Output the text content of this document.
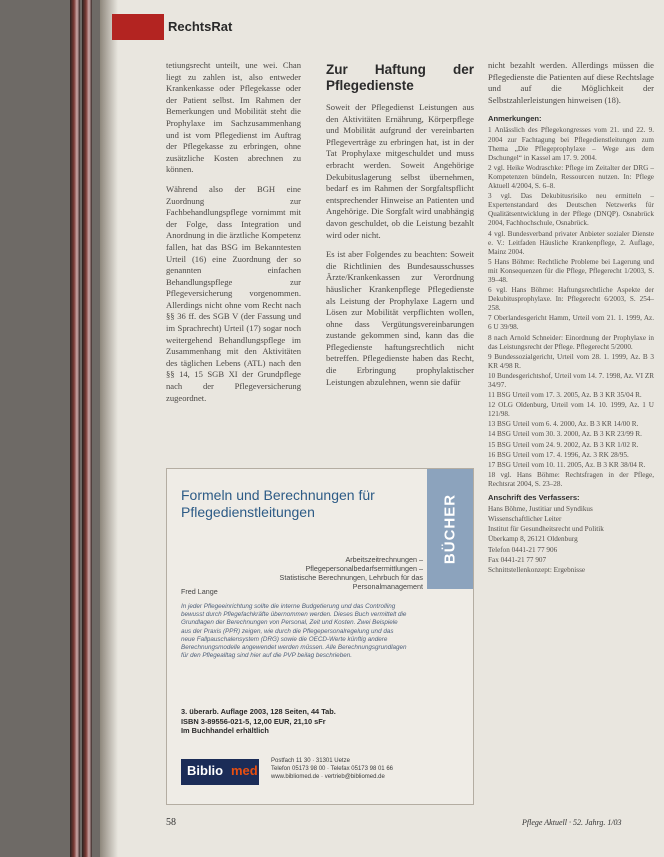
RechtsRat

tetiungsrecht unteilt, une wei. Chan liegt zu zahlen ist, also entweder Krankenkasse oder Pflegekasse oder der Patient selbst. Im Rahmen der Bemerkungen und Mobilität steht die Prophylaxe im Sachzusammenhang und ist vom Pflegedienst im Auftrag der Pflegekasse zu erbringen, ohne zusätzliche Kosten abrechnen zu können.

Während also der BGH eine Zuordnung zur Fachbehandlungspflege vornimmt mit der Folge, dass Integration und Anordnung in die ärztliche Kompetenz fallen, hat das BSG im Bekanntesten Urteil (16) eine Zuordnung der so genannten einfachen Behandlungspflege zur Pflegeversicherung vorgenommen. Allerdings nicht ohne vom Recht nach §§ 36 ff. des SGB V (der Fassung und im Sprachrecht) Urteil (17) sogar noch weitergehend Behandlungspflege im Zusammenhang mit den Aktivitäten des täglichen Lebens (ATL) nach den §§ 14, 15 SGB XI der Grundpflege nach der Pflegeversicherung zugeordnet.

Zur Haftung der Pflegedienste

Soweit der Pflegedienst Leistungen aus den Aktivitäten Ernährung, Körperpflege und Mobilität aufgrund der vereinbarten Pflegeverträge zu erbringen hat, ist in der Tat Prophylaxe mitgeschuldet und muss erbracht werden. Soweit Angehörige Dekubituslagerung selbst übernehmen, bedarf es im Rahmen der Sorgfaltspflicht entsprechender Hinweise an Patienten und Angehörige. Die Sorgfalt wird unabhängig davon geschuldet, ob die Leistung bezahlt wird oder nicht.

Es ist aber Folgendes zu beachten: Soweit die Richtlinien des Bundesausschusses Ärzte/Krankenkassen zur Verordnung häuslicher Krankenpflege Pflegedienste als Leistung der Prophylaxe Lagern und Lösen zur Mobilität verpflichten wollen, ohne dass Vergütungsvereinbarungen zustande gekommen sind, kann das die Pflegedienste haftungsrechtlich nicht betreffen. Pflegedienste haben das Recht, die Erbringung prophylaktischer Leistungen abzulehnen, wenn sie dafür

nicht bezahlt werden. Allerdings müssen die Pflegedienste die Patienten auf diese Rechtslage und auf die Möglichkeit der Selbstzahlerleistungen hinweisen (18).

Anmerkungen:
1 Anlässlich des Pflegekongresses vom 21. und 22. 9. 2004 zur Fachtagung bei Pflegedienstleitungen zum Thema „Die Pflegeprophylaxe – Wege aus dem Dschungel“ in Kassel am 17. 9. 2004.
2 vgl. Heike Wodraschke: Pflege im Zeitalter der DRG – Kompetenzen bündeln, Ressourcen nutzen. In: Pflege Aktuell 4/2004, S. 6–8.
3 vgl. Das Dekubitusrisiko neu ermitteln – Expertenstandard des Deutschen Netzwerks für Qualitätsentwicklung in der Pflege (DNQP). Osnabrück 2004, Fachhochschule, Osnabrück.
4 vgl. Bundesverband privater Anbieter sozialer Dienste e. V.: Leitfaden Häusliche Krankenpflege, 2. Auflage, Mainz 2004.
5 Hans Böhme: Rechtliche Probleme bei Lagerung und mit Konsequenzen für die Pflege, Pflegerecht 1/2003, S. 39–48.
6 vgl. Hans Böhme: Haftungsrechtliche Aspekte der Dekubitusprophylaxe. In: Pflegerecht 6/2003, S. 254–258.
7 Oberlandesgericht Hamm, Urteil vom 21. 1. 1999, Az. 6 U 39/98.
8 nach Arnold Schneider: Einordnung der Prophylaxe in das Leistungsrecht der Pflege. Pflegerecht 5/2000.
9 Bundessozialgericht, Urteil vom 28. 1. 1999, Az. B 3 KR 4/98 R.
10 Bundesgerichtshof, Urteil vom 14. 7. 1998, Az. VI ZR 34/97.
11 BSG Urteil vom 17. 3. 2005, Az. B 3 KR 35/04 R.
12 OLG Oldenburg, Urteil vom 14. 10. 1999, Az. 1 U 121/98.
13 BSG Urteil vom 6. 4. 2000, Az. B 3 KR 14/00 R.
14 BSG Urteil vom 30. 3. 2000, Az. B 3 KR 23/99 R.
15 BSG Urteil vom 24. 9. 2002, Az. B 3 KR 1/02 R.
16 BSG Urteil vom 17. 4. 1996, Az. 3 RK 28/95.
17 BSG Urteil vom 10. 11. 2005, Az. B 3 KR 38/04 R.
18 vgl. Hans Böhme: Rechtsfragen in der Pflege, Rechtsrat 2004, S. 23–28.
Anschrift des Verfassers:
Hans Böhme, Justitiar und Syndikus
Wissenschaftlicher Leiter
Institut für Gesundheitsrecht und Politik
Überkamp 8, 26121 Oldenburg
Telefon 0441-21 77 906
Fax 0441-21 77 907
Schnittstellenkonzept: Ergebnisse
Formeln und Berechnungen für Pflegedienstleitungen	BÜCHER
Arbeitszeitrechnungen – Pflegepersonalbedarfsermittlungen – Statistische Berechnungen, Lehrbuch für das Personalmanagement
Fred Lange
In jeder Pflegeeinrichtung sollte die interne Budgetierung und das Controlling bewusst durch Pflegefachkräfte übernommen werden. Dieses Buch vermittelt die Grundlagen der Berechnungen von Personal, Zeit und Kosten. Zwei Beispiele aus der Praxis (PPR) zeigen, wie durch die Pflegepersonalregelung und das neue Fallpauschalensystem (DRG) sowie die OECD-Werte künftig andere Berechnungsmodelle angewendet werden müssen. Alle Berechnungsgrundlagen für den Pflegealltag sind hier auf die PVP beilag beschrieben.
3. überarb. Auflage 2003, 128 Seiten, 44 Tab.
ISBN 3-89556-021-5, 12,00 EUR, 21,10 sFr
Im Buchhandel erhältlich
Biblio med
Postfach 11 30 · 31301 Uetze
Telefon 05173 98 00 · Telefax 05173 98 01 66
www.bibliomed.de · vertrieb@bibliomed.de
58	Pflege Aktuell · 52. Jahrg. 1/03
